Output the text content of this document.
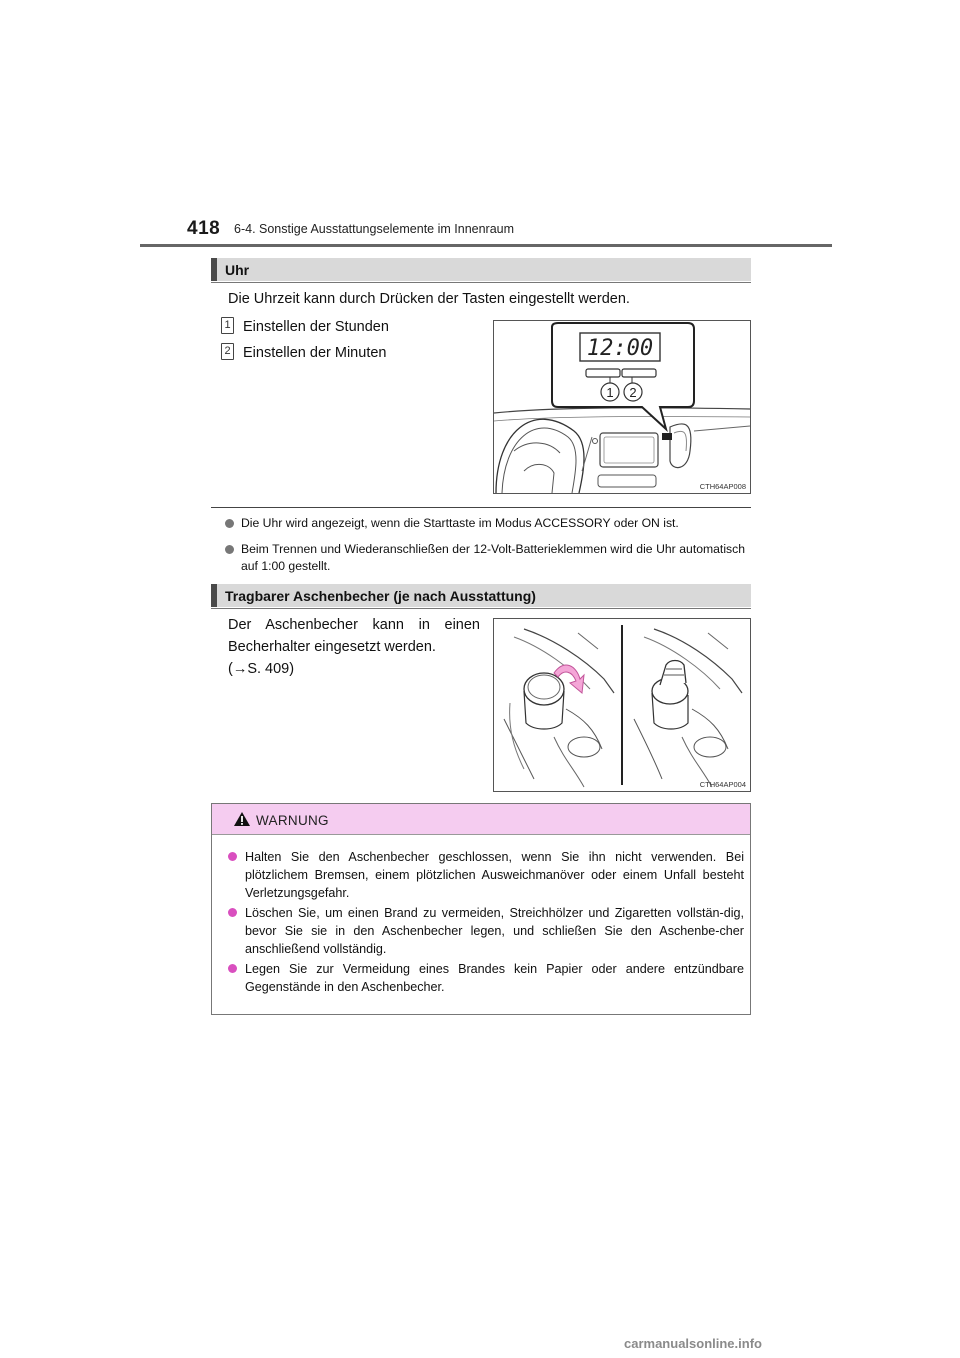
418 6-4. Sonstige Ausstattungselemente im Innenraum
Uhr
Die Uhrzeit kann durch Drücken der Tasten eingestellt werden.
1 Einstellen der Stunden
2 Einstellen der Minuten	12:00
1 2
CTH64AP008
Die Uhr wird angezeigt, wenn die Starttaste im Modus ACCESSORY oder ON ist.
Beim Trennen und Wiederanschließen der 12-Volt-Batterieklemmen wird die Uhr automatisch auf 1:00 gestellt.
Tragbarer Aschenbecher (je nach Ausstattung)
Der Aschenbecher kann in einen
Becherhalter eingesetzt werden.
(→S. 409)
CTH64AP004
WARNUNG
Halten Sie den Aschenbecher geschlossen, wenn Sie ihn nicht verwenden. Bei plötzlichem Bremsen, einem plötzlichen Ausweichmanöver oder einem Unfall besteht Verletzungsgefahr.
Löschen Sie, um einen Brand zu vermeiden, Streichhölzer und Zigaretten vollstän-dig, bevor Sie sie in den Aschenbecher legen, und schließen Sie den Aschenbe-cher anschließend vollständig.
Legen Sie zur Vermeidung eines Brandes kein Papier oder andere entzündbare Gegenstände in den Aschenbecher.
carmanualsonline.info
